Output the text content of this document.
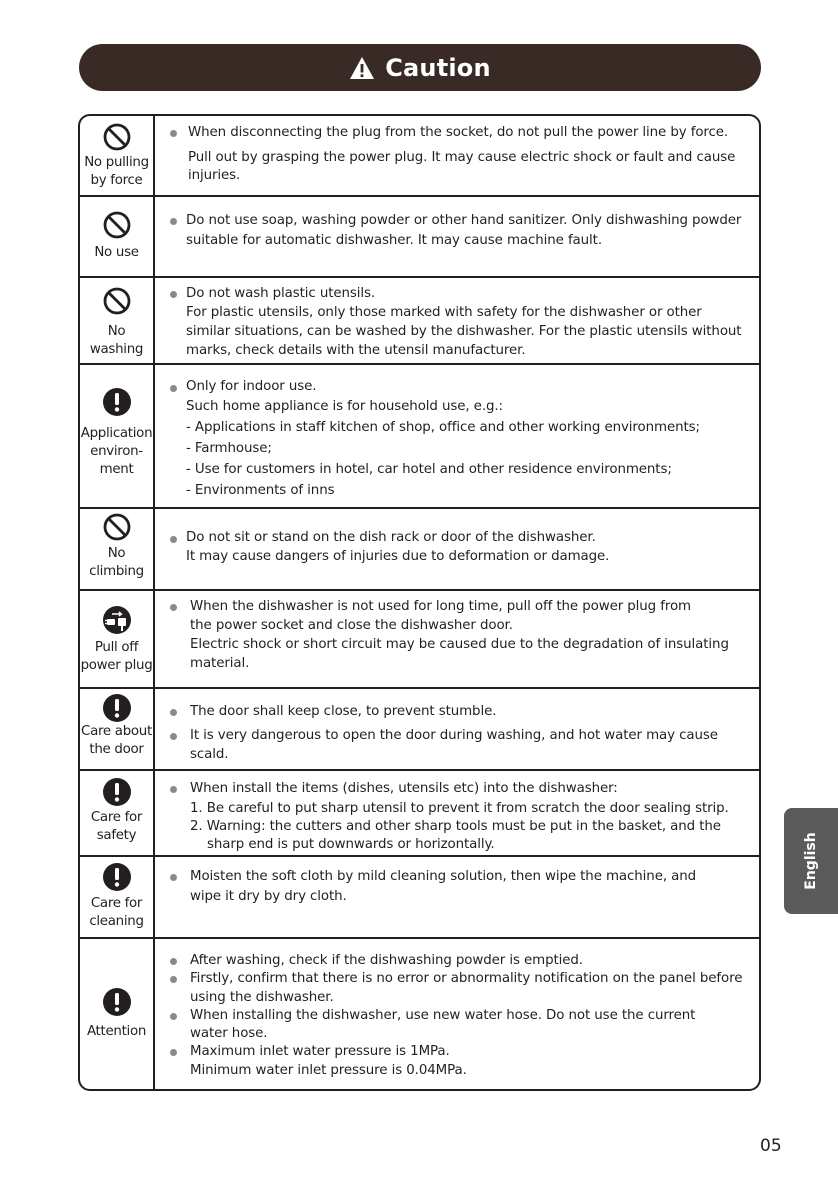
Caution
No pulling
by force
When disconnecting the plug from the socket, do not pull the power line by force.
Pull out by grasping the power plug. It may cause electric shock or fault and cause
injuries.
No use
Do not use soap, washing powder or other hand sanitizer. Only dishwashing powder
suitable for automatic dishwasher. It may cause machine fault.
No
washing
Do not wash plastic utensils.
For plastic utensils, only those marked with safety for the dishwasher or other
similar situations, can be washed by the dishwasher. For the plastic utensils without
marks, check details with the utensil manufacturer.
Application
environ-
ment
Only for indoor use.
Such home appliance is for household use, e.g.:
- Applications in staff kitchen of shop, office and other working environments;
- Farmhouse;
- Use for customers in hotel, car hotel and other residence environments;
- Environments of inns
No
climbing
Do not sit or stand on the dish rack or door of the dishwasher.
It may cause dangers of injuries due to deformation or damage.
Pull off
power plug
When the dishwasher is not used for long time, pull off the power plug from
the power socket and close the dishwasher door.
Electric shock or short circuit may be caused due to the degradation of insulating
material.
Care about
the door
The door shall keep close, to prevent stumble.
It is very dangerous to open the door during washing, and hot water may cause
scald.
Care for
safety
When install the items (dishes, utensils etc) into the dishwasher:
1. Be careful to put sharp utensil to prevent it from scratch the door sealing strip.
2. Warning: the cutters and other sharp tools must be put in the basket, and the
sharp end is put downwards or horizontally.
Care for
cleaning
Moisten the soft cloth by mild cleaning solution, then wipe the machine, and
wipe it dry by dry cloth.
Attention
After washing, check if the dishwashing powder is emptied.
Firstly, confirm that there is no error or abnormality notification on the panel before
using the dishwasher.
When installing the dishwasher, use new water hose. Do not use the current
water hose.
Maximum inlet water pressure is 1MPa.
Minimum water inlet pressure is 0.04MPa.
English
05
